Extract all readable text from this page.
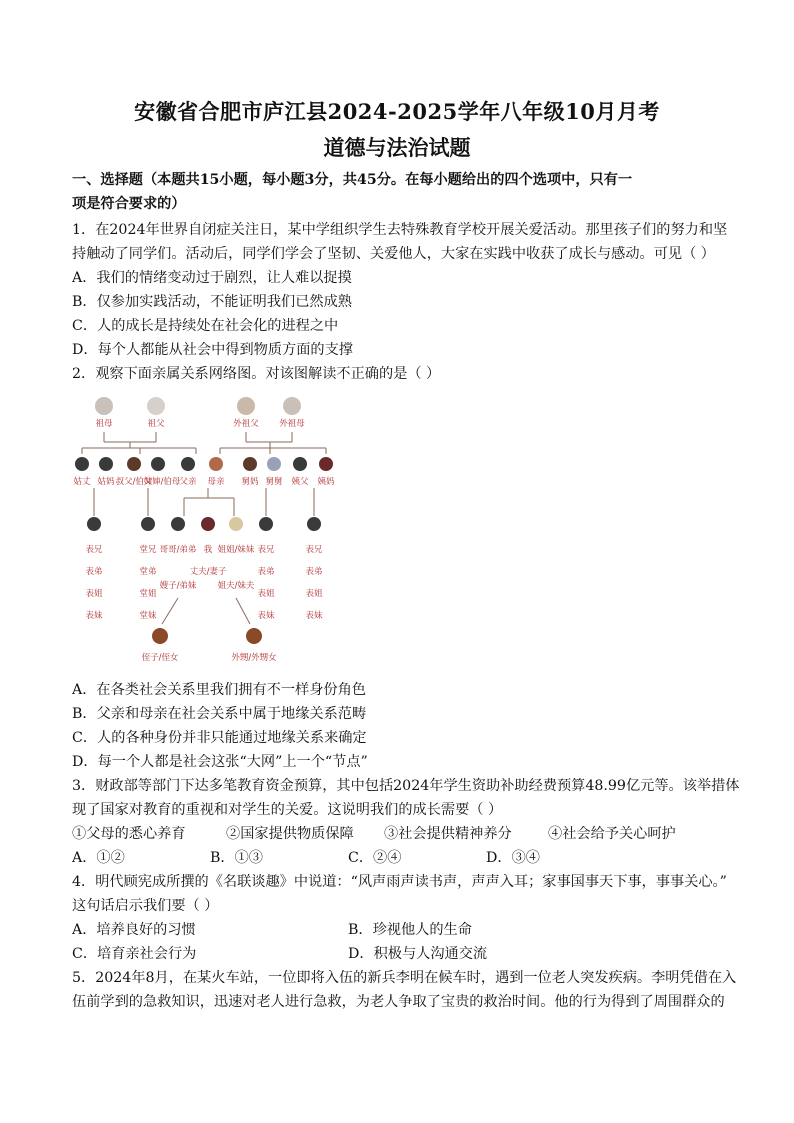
安徽省合肥市庐江县2024-2025学年八年级10月月考
道德与法治试题
一、选择题（本题共15小题，每小题3分，共45分。在每小题给出的四个选项中，只有一
项是符合要求的）
1．在2024年世界自闭症关注日，某中学组织学生去特殊教育学校开展关爱活动。那里孩子们的努力和坚
持触动了同学们。活动后，同学们学会了坚韧、关爱他人，大家在实践中收获了成长与感动。可见（ ）
A．我们的情绪变动过于剧烈，让人难以捉摸
B．仅参加实践活动，不能证明我们已然成熟
C．人的成长是持续处在社会化的进程之中
D．每个人都能从社会中得到物质方面的支撑
2．观察下面亲属关系网络图。对该图解读不正确的是（ ）
祖母	祖父	外祖父 外祖母
姑丈 姑妈 叔父/伯父
婶婶/伯母 父亲 母亲 舅妈 舅舅 姨父 姨妈
表兄
表弟
表姐
表妹
堂兄
堂弟
堂姐
堂妹
哥哥/弟弟 我 姐姐/妹妹 表兄
表弟
表姐
表妹
表兄
表弟
表姐
表妹
嫂子/弟妹
丈夫/妻子
姐夫/妹夫
侄子/侄女	外甥/外甥女
A．在各类社会关系里我们拥有不一样身份角色
B．父亲和母亲在社会关系中属于地缘关系范畴
C．人的各种身份并非只能通过地缘关系来确定
D．每一个人都是社会这张“大网”上一个“节点”
3．财政部等部门下达多笔教育资金预算，其中包括2024年学生资助补助经费预算48.99亿元等。该举措体
现了国家对教育的重视和对学生的关爱。这说明我们的成长需要（ ）
①父母的悉心养育	②国家提供物质保障 ③社会提供精神养分	④社会给予关心呵护
A．①②	B．①③	C．②④	D．③④
4．明代顾宪成所撰的《名联谈趣》中说道：“风声雨声读书声，声声入耳；家事国事天下事，事事关心。”
这句话启示我们要（ ）
A．培养良好的习惯	B．珍视他人的生命
C．培育亲社会行为	D．积极与人沟通交流
5．2024年8月，在某火车站，一位即将入伍的新兵李明在候车时，遇到一位老人突发疾病。李明凭借在入
伍前学到的急救知识，迅速对老人进行急救，为老人争取了宝贵的救治时间。他的行为得到了周围群众的
